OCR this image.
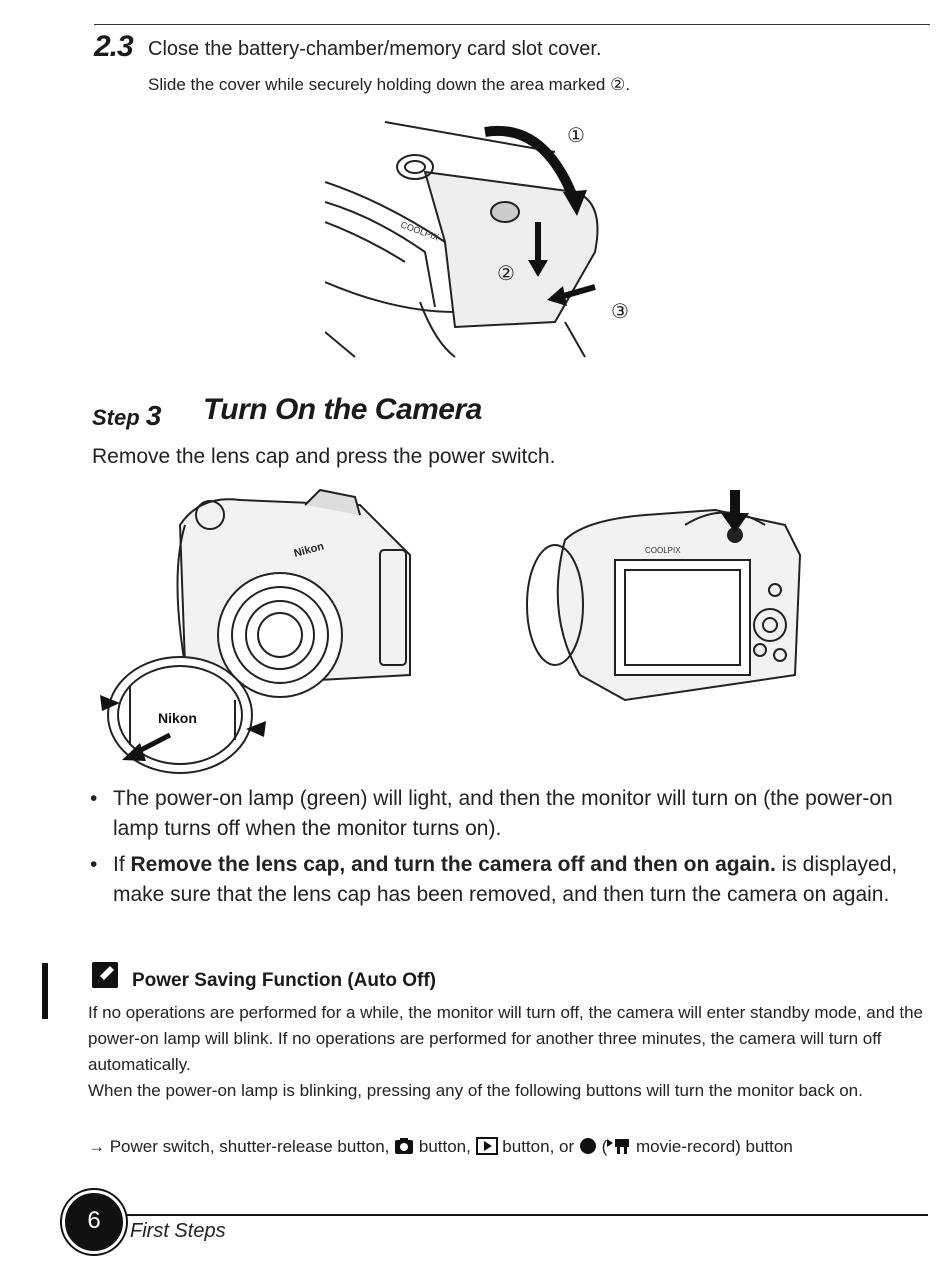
2.3 Close the battery-chamber/memory card slot cover.
Slide the cover while securely holding down the area marked ②.
COOLPIX
①
②
③
Step 3 Turn On the Camera
Remove the lens cap and press the power switch.
Nikon
Nikon
COOLPIX
• The power-on lamp (green) will light, and then the monitor will turn on (the power-on lamp turns off when the monitor turns on).
• If Remove the lens cap, and turn the camera off and then on again. is displayed, make sure that the lens cap has been removed, and then turn the camera on again.
Power Saving Function (Auto Off)
If no operations are performed for a while, the monitor will turn off, the camera will enter standby mode, and the power-on lamp will blink. If no operations are performed for another three minutes, the camera will turn off automatically.
When the power-on lamp is blinking, pressing any of the following buttons will turn the monitor back on.
→ Power switch, shutter-release button,  button,  button, or  ( movie-record) button
6	First Steps
